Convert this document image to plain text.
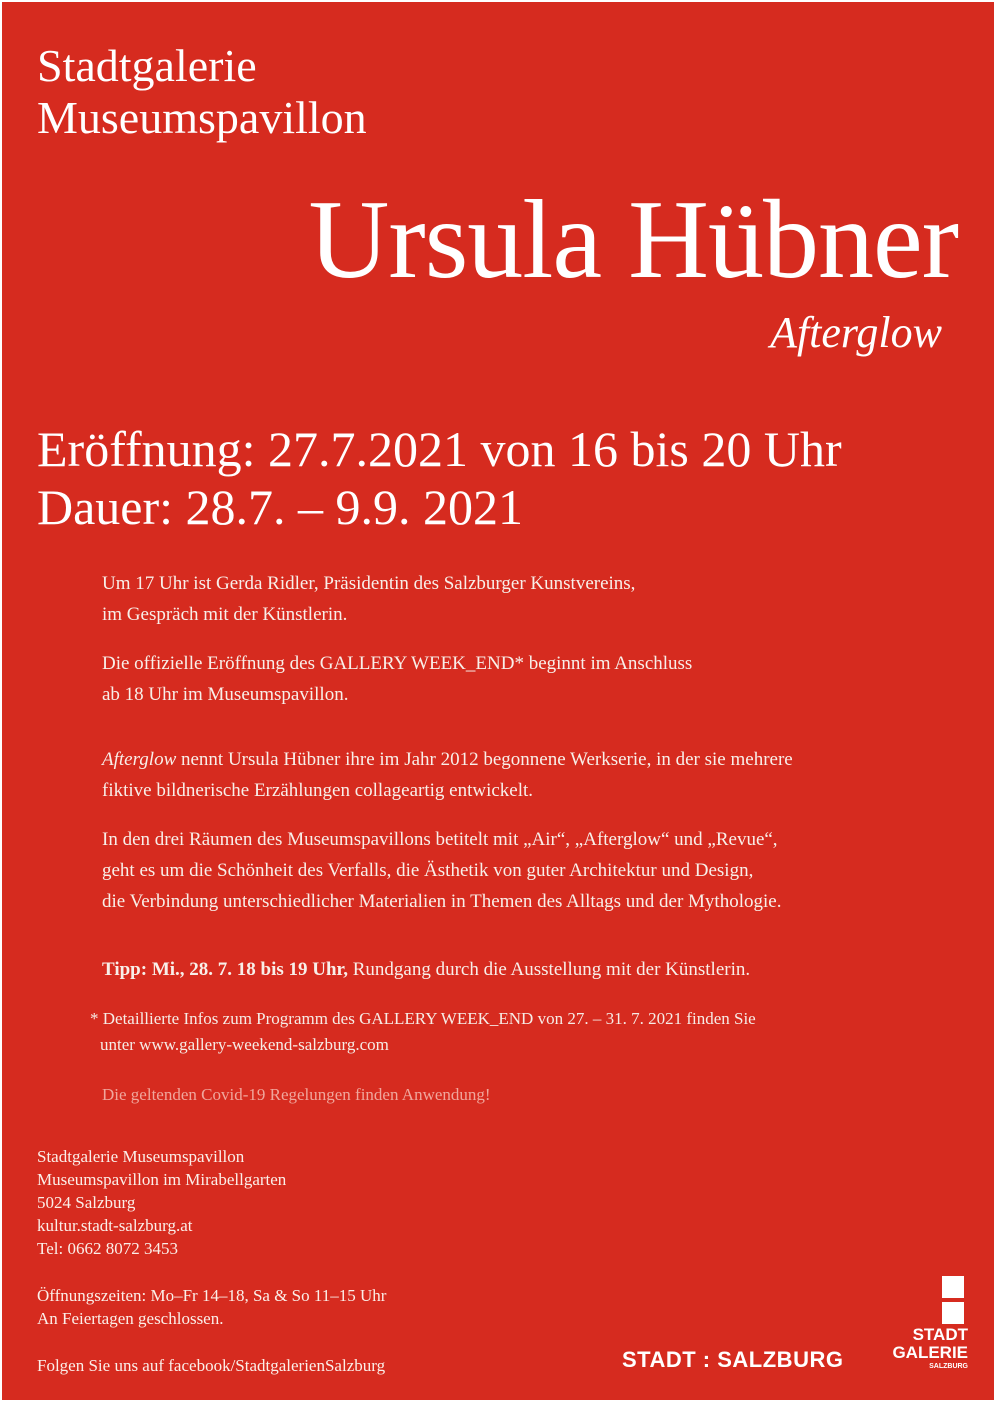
Stadtgalerie
Museumspavillon
Ursula Hübner
Afterglow
Eröffnung: 27.7.2021 von 16 bis 20 Uhr
Dauer: 28.7. – 9.9. 2021
Um 17 Uhr ist Gerda Ridler, Präsidentin des Salzburger Kunstvereins,
im Gespräch mit der Künstlerin.
Die offizielle Eröffnung des GALLERY WEEK_END* beginnt im Anschluss
ab 18 Uhr im Museumspavillon.
Afterglow nennt Ursula Hübner ihre im Jahr 2012 begonnene Werkserie, in der sie mehrere
fiktive bildnerische Erzählungen collageartig entwickelt.
In den drei Räumen des Museumspavillons betitelt mit „Air“, „Afterglow“ und „Revue“,
geht es um die Schönheit des Verfalls, die Ästhetik von guter Architektur und Design,
die Verbindung unterschiedlicher Materialien in Themen des Alltags und der Mythologie.
Tipp: Mi., 28. 7. 18 bis 19 Uhr, Rundgang durch die Ausstellung mit der Künstlerin.
* Detaillierte Infos zum Programm des GALLERY WEEK_END von 27. – 31. 7. 2021 finden Sie
unter www.gallery-weekend-salzburg.com
Die geltenden Covid-19 Regelungen finden Anwendung!
Stadtgalerie Museumspavillon
Museumspavillon im Mirabellgarten
5024 Salzburg
kultur.stadt-salzburg.at
Tel: 0662 8072 3453
Öffnungszeiten: Mo–Fr 14–18, Sa & So 11–15 Uhr
An Feiertagen geschlossen.
Folgen Sie uns auf facebook/StadtgalerienSalzburg	STADT : SALZBURG
STADT
GALERIE
SALZBURG
